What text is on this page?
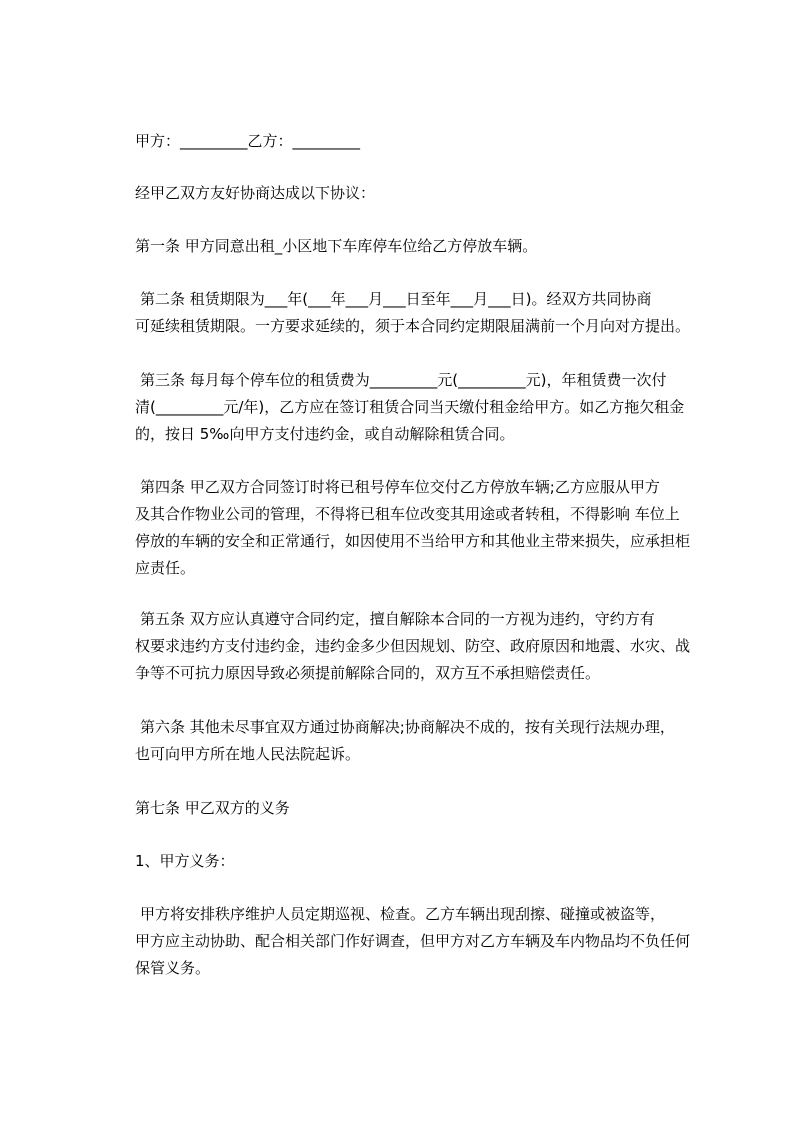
甲方：_________乙方：_________

经甲乙双方友好协商达成以下协议：

第一条 甲方同意出租_小区地下车库停车位给乙方停放车辆。

第二条 租赁期限为___年(___年___月___日至年___月___日)。经双方共同协商
可延续租赁期限。一方要求延续的，须于本合同约定期限届满前一个月向对方提出。

第三条 每月每个停车位的租赁费为_________元(_________元)，年租赁费一次付
清(_________元/年)，乙方应在签订租赁合同当天缴付租金给甲方。如乙方拖欠租金
的，按日 5‰向甲方支付违约金，或自动解除租赁合同。

第四条 甲乙双方合同签订时将已租号停车位交付乙方停放车辆;乙方应服从甲方
及其合作物业公司的管理，不得将已租车位改变其用途或者转租，不得影响 车位上
停放的车辆的安全和正常通行，如因使用不当给甲方和其他业主带来损失，应承担柜
应责任。

第五条 双方应认真遵守合同约定，擅自解除本合同的一方视为违约，守约方有
权要求违约方支付违约金，违约金多少但因规划、防空、政府原因和地震、水灾、战
争等不可抗力原因导致必须提前解除合同的，双方互不承担赔偿责任。

第六条 其他未尽事宜双方通过协商解决;协商解决不成的，按有关现行法规办理，
也可向甲方所在地人民法院起诉。

第七条 甲乙双方的义务

1、甲方义务：

甲方将安排秩序维护人员定期巡视、检查。乙方车辆出现刮擦、碰撞或被盗等，
甲方应主动协助、配合相关部门作好调查，但甲方对乙方车辆及车内物品均不负任何
保管义务。
